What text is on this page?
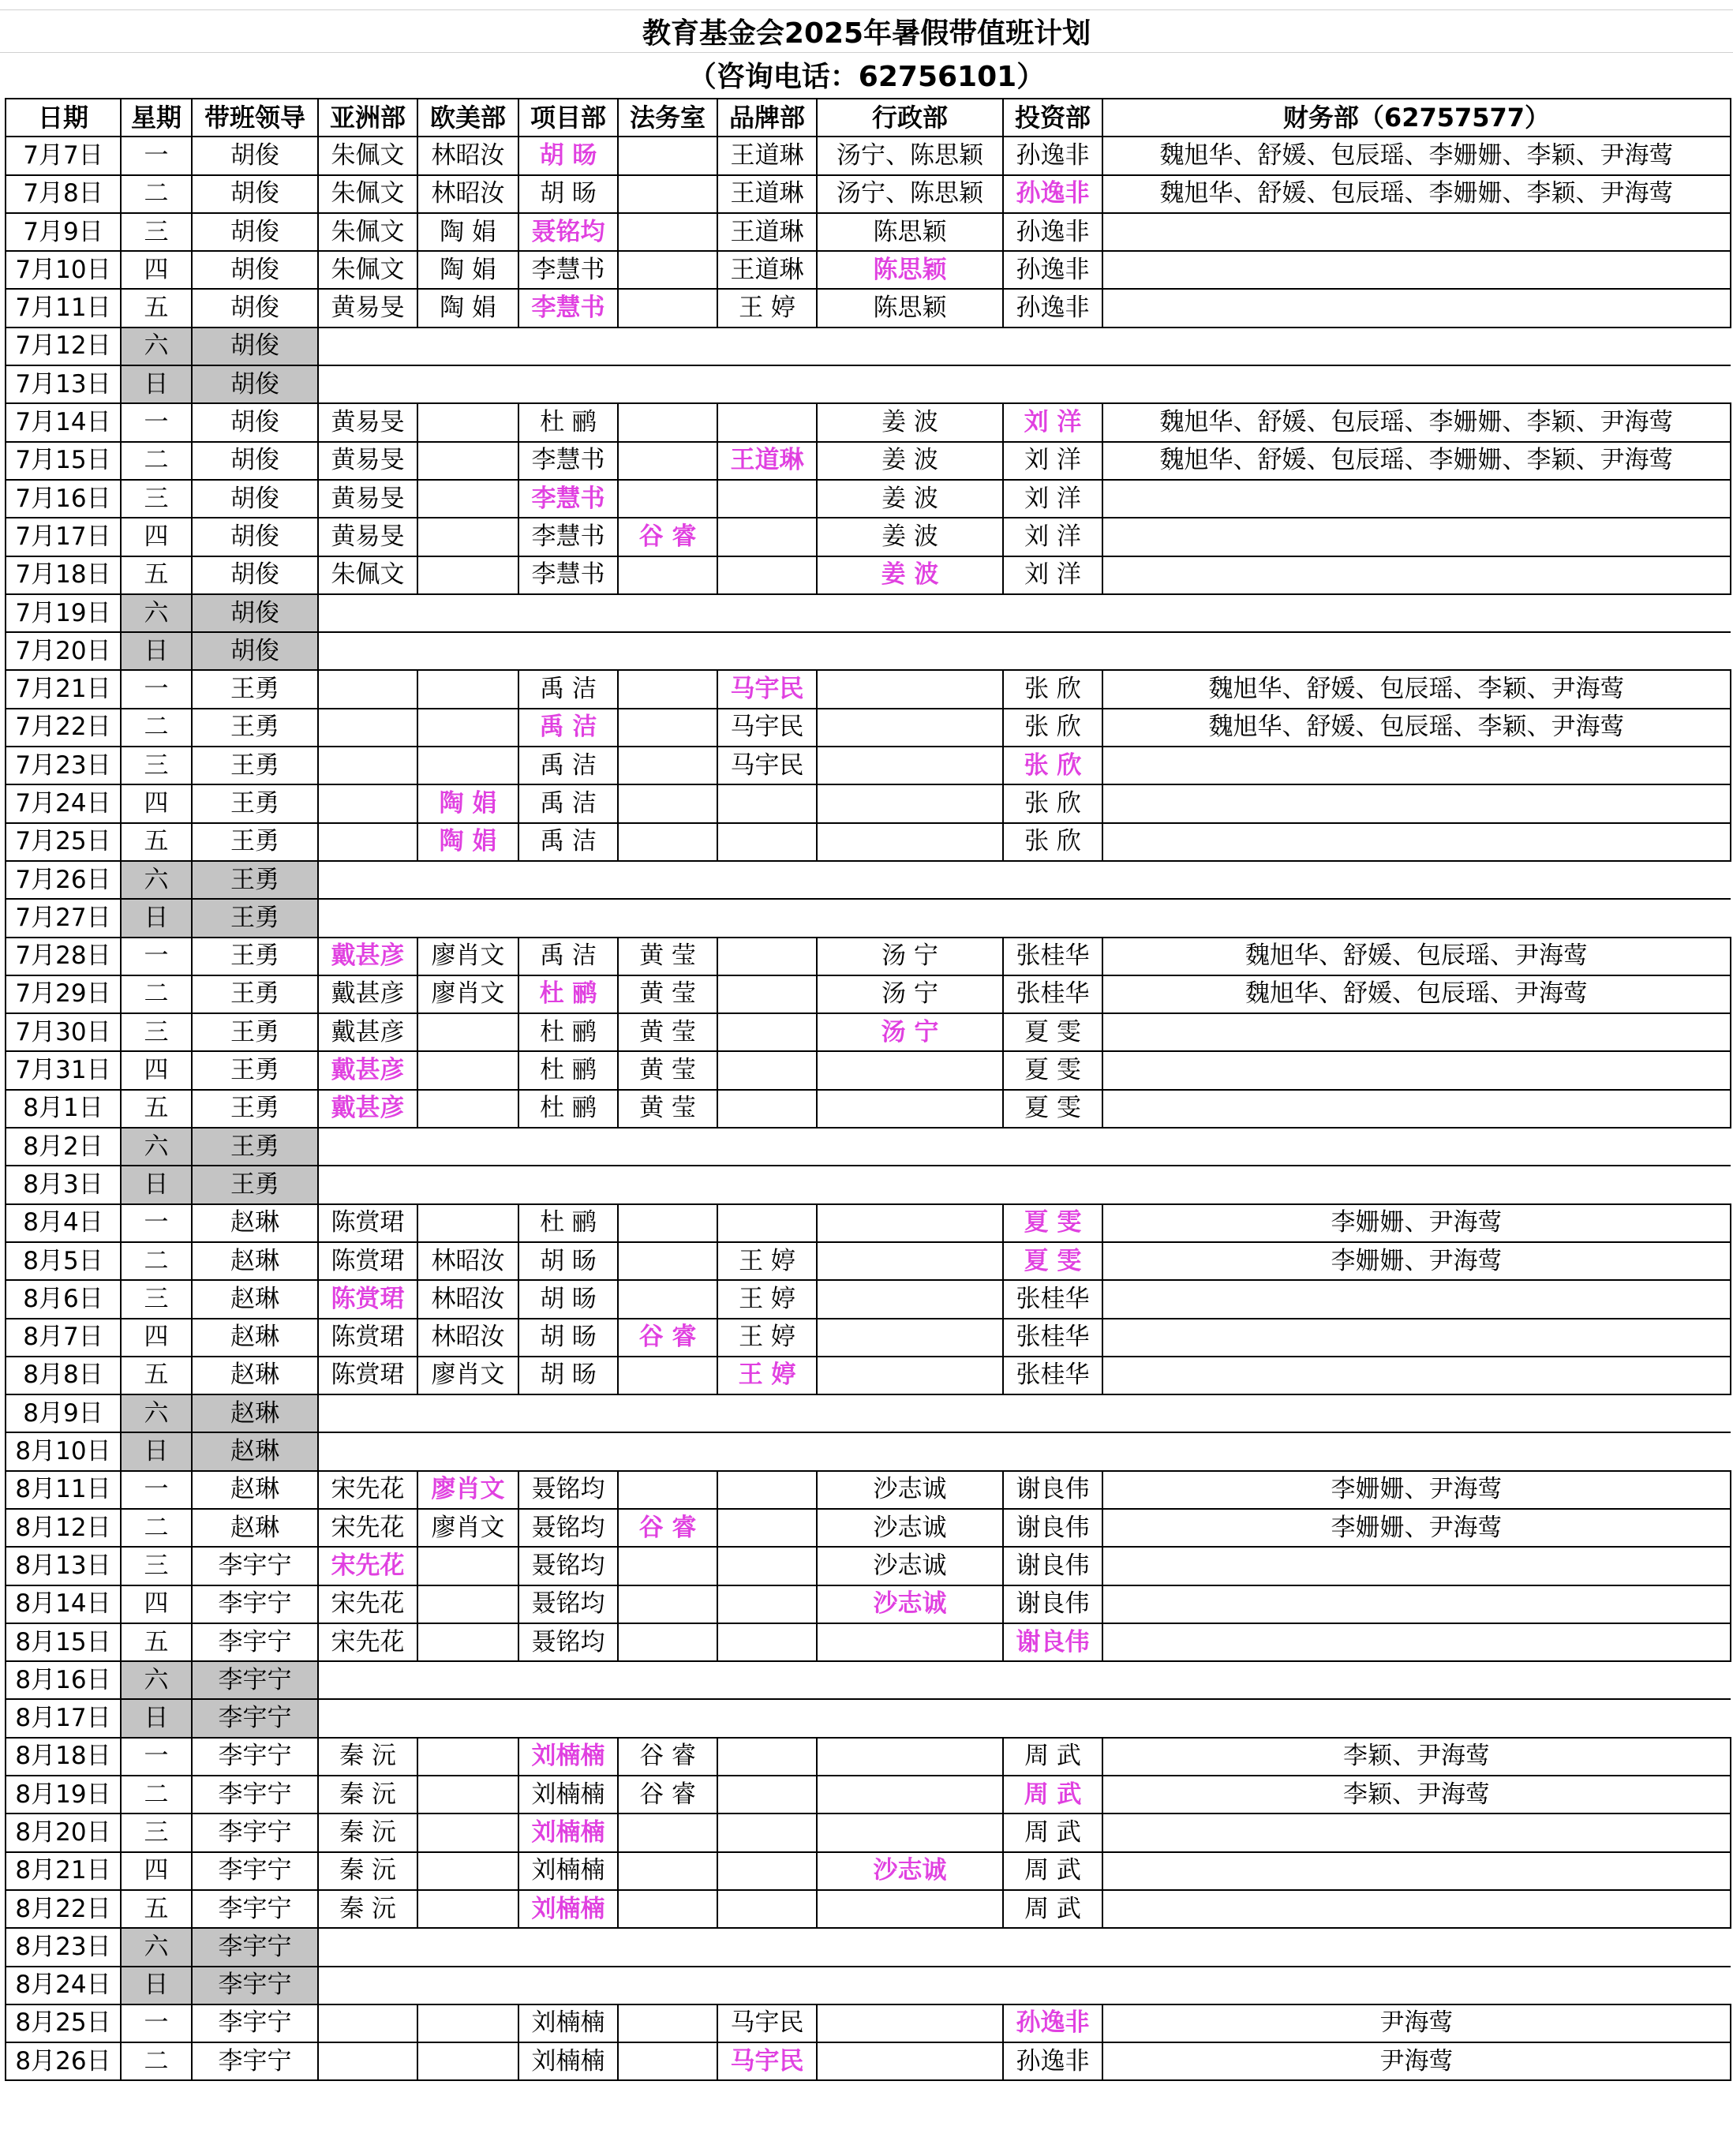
教育基金会2025年暑假带值班计划
（咨询电话：62756101）
日期	星期	带班领导	亚洲部	欧美部	项目部	法务室	品牌部	行政部	投资部	财务部（62757577）
7月7日	一	胡俊	朱佩文	林昭汝	胡 旸		王道琳	汤宁、陈思颖	孙逸非	魏旭华、舒媛、包辰瑶、李姗姗、李颖、尹海莺
7月8日	二	胡俊	朱佩文	林昭汝	胡 旸		王道琳	汤宁、陈思颖	孙逸非	魏旭华、舒媛、包辰瑶、李姗姗、李颖、尹海莺
7月9日	三	胡俊	朱佩文	陶 娟	聂铭均		王道琳	陈思颖	孙逸非	
7月10日	四	胡俊	朱佩文	陶 娟	李慧书		王道琳	陈思颖	孙逸非	
7月11日	五	胡俊	黄易旻	陶 娟	李慧书		王 婷	陈思颖	孙逸非	
7月12日	六	胡俊								
7月13日	日	胡俊								
7月14日	一	胡俊	黄易旻		杜 鹂			姜 波	刘 洋	魏旭华、舒媛、包辰瑶、李姗姗、李颖、尹海莺
7月15日	二	胡俊	黄易旻		李慧书		王道琳	姜 波	刘 洋	魏旭华、舒媛、包辰瑶、李姗姗、李颖、尹海莺
7月16日	三	胡俊	黄易旻		李慧书			姜 波	刘 洋	
7月17日	四	胡俊	黄易旻		李慧书	谷 睿		姜 波	刘 洋	
7月18日	五	胡俊	朱佩文		李慧书			姜 波	刘 洋	
7月19日	六	胡俊								
7月20日	日	胡俊								
7月21日	一	王勇			禹 洁		马宇民		张 欣	魏旭华、舒媛、包辰瑶、李颖、尹海莺
7月22日	二	王勇			禹 洁		马宇民		张 欣	魏旭华、舒媛、包辰瑶、李颖、尹海莺
7月23日	三	王勇			禹 洁		马宇民		张 欣	
7月24日	四	王勇		陶 娟	禹 洁				张 欣	
7月25日	五	王勇		陶 娟	禹 洁				张 欣	
7月26日	六	王勇								
7月27日	日	王勇								
7月28日	一	王勇	戴甚彦	廖肖文	禹 洁	黄 莹		汤 宁	张桂华	魏旭华、舒媛、包辰瑶、尹海莺
7月29日	二	王勇	戴甚彦	廖肖文	杜 鹂	黄 莹		汤 宁	张桂华	魏旭华、舒媛、包辰瑶、尹海莺
7月30日	三	王勇	戴甚彦		杜 鹂	黄 莹		汤 宁	夏 雯	
7月31日	四	王勇	戴甚彦		杜 鹂	黄 莹			夏 雯	
8月1日	五	王勇	戴甚彦		杜 鹂	黄 莹			夏 雯	
8月2日	六	王勇								
8月3日	日	王勇								
8月4日	一	赵琳	陈赏珺		杜 鹂				夏 雯	李姗姗、尹海莺
8月5日	二	赵琳	陈赏珺	林昭汝	胡 旸		王 婷		夏 雯	李姗姗、尹海莺
8月6日	三	赵琳	陈赏珺	林昭汝	胡 旸		王 婷		张桂华	
8月7日	四	赵琳	陈赏珺	林昭汝	胡 旸	谷 睿	王 婷		张桂华	
8月8日	五	赵琳	陈赏珺	廖肖文	胡 旸		王 婷		张桂华	
8月9日	六	赵琳								
8月10日	日	赵琳								
8月11日	一	赵琳	宋先花	廖肖文	聂铭均			沙志诚	谢良伟	李姗姗、尹海莺
8月12日	二	赵琳	宋先花	廖肖文	聂铭均	谷 睿		沙志诚	谢良伟	李姗姗、尹海莺
8月13日	三	李宇宁	宋先花		聂铭均			沙志诚	谢良伟	
8月14日	四	李宇宁	宋先花		聂铭均			沙志诚	谢良伟	
8月15日	五	李宇宁	宋先花		聂铭均				谢良伟	
8月16日	六	李宇宁								
8月17日	日	李宇宁								
8月18日	一	李宇宁	秦 沅		刘楠楠	谷 睿			周 武	李颖、尹海莺
8月19日	二	李宇宁	秦 沅		刘楠楠	谷 睿			周 武	李颖、尹海莺
8月20日	三	李宇宁	秦 沅		刘楠楠				周 武	
8月21日	四	李宇宁	秦 沅		刘楠楠			沙志诚	周 武	
8月22日	五	李宇宁	秦 沅		刘楠楠				周 武	
8月23日	六	李宇宁								
8月24日	日	李宇宁								
8月25日	一	李宇宁			刘楠楠		马宇民		孙逸非	尹海莺
8月26日	二	李宇宁			刘楠楠		马宇民		孙逸非	尹海莺
